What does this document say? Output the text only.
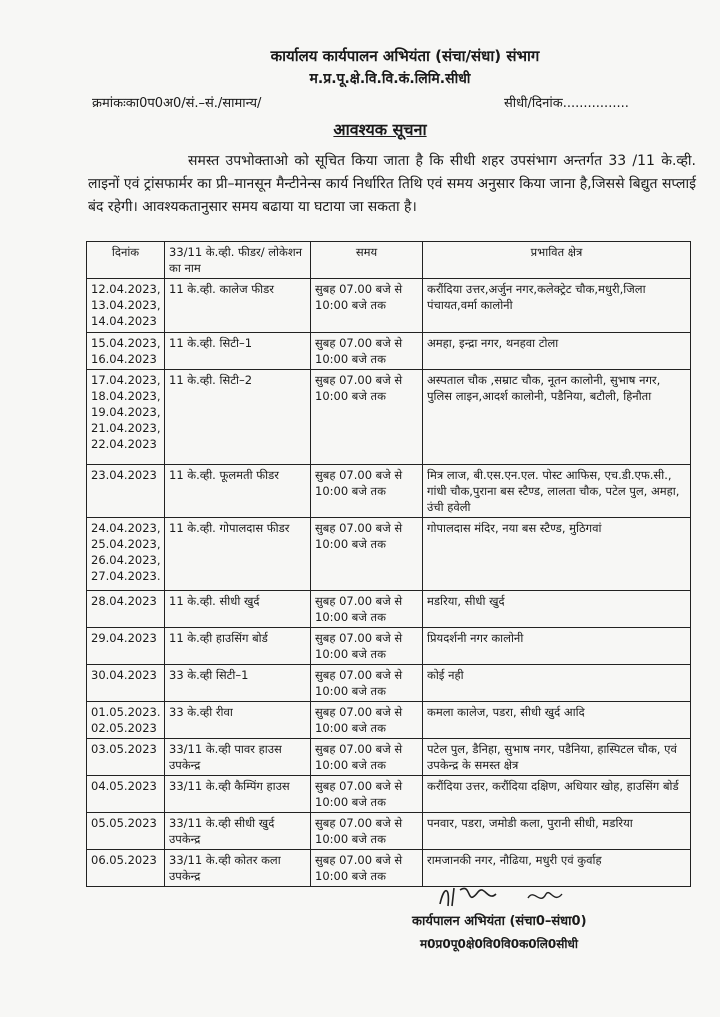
कार्यालय कार्यपालन अभियंता (संचा/संधा) संभाग
म.प्र.पू.क्षे.वि.वि.कं.लिमि.सीधी
क्रमांकःका0प0अ0/सं.–सं./सामान्य/	सीधी/दिनांक................
आवश्यक सूचना
समस्त उपभोक्ताओ को सूचित किया जाता है कि सीधी शहर उपसंभाग अन्तर्गत 33 /11 के.व्ही. लाइनों एवं ट्रांसफार्मर का प्री–मानसून मैन्टीनेन्स कार्य निर्धारित तिथि एवं समय अनुसार किया जाना है,जिससे बिद्युत सप्लाई बंद रहेगी। आवश्यकतानुसार समय बढाया या घटाया जा सकता है।
दिनांक	33/11 के.व्ही. फीडर/ लोकेशन का नाम	समय	प्रभावित क्षेत्र
12.04.2023, 13.04.2023, 14.04.2023	11 के.व्ही. कालेज फीडर	सुबह 07.00 बजे से 10:00 बजे तक	करौंदिया उत्तर,अर्जुन नगर,कलेक्ट्रेट चौक,मधुरी,जिला पंचायत,वर्मा कालोनी
15.04.2023, 16.04.2023	11 के.व्ही. सिटी–1	सुबह 07.00 बजे से 10:00 बजे तक	अमहा, इन्द्रा नगर, थनहवा टोला
17.04.2023, 18.04.2023, 19.04.2023, 21.04.2023, 22.04.2023	11 के.व्ही. सिटी–2	सुबह 07.00 बजे से 10:00 बजे तक	अस्पताल चौक ,सम्राट चौक, नूतन कालोनी, सुभाष नगर, पुलिस लाइन,आदर्श कालोनी, पडैनिया, बटौली, हिनौता
23.04.2023	11 के.व्ही. फूलमती फीडर	सुबह 07.00 बजे से 10:00 बजे तक	मित्र लाज, बी.एस.एन.एल. पोस्ट आफिस, एच.डी.एफ.सी., गांधी चौक,पुराना बस स्टैण्ड, लालता चौक, पटेल पुल, अमहा, उंची हवेली
24.04.2023, 25.04.2023, 26.04.2023, 27.04.2023.	11 के.व्ही. गोपालदास फीडर	सुबह 07.00 बजे से 10:00 बजे तक	गोपालदास मंदिर, नया बस स्टैण्ड, मुठिगवां
28.04.2023	11 के.व्ही. सीधी खुर्द	सुबह 07.00 बजे से 10:00 बजे तक	मडरिया, सीधी खुर्द
29.04.2023	11 के.व्ही हाउसिंग बोर्ड	सुबह 07.00 बजे से 10:00 बजे तक	प्रियदर्शनी नगर कालोनी
30.04.2023	33 के.व्ही सिटी–1	सुबह 07.00 बजे से 10:00 बजे तक	कोई नही
01.05.2023. 02.05.2023	33 के.व्ही रीवा	सुबह 07.00 बजे से 10:00 बजे तक	कमला कालेज, पडरा, सीधी खुर्द आदि
03.05.2023	33/11 के.व्ही पावर हाउस उपकेन्द्र	सुबह 07.00 बजे से 10:00 बजे तक	पटेल पुल, डैनिहा, सुभाष नगर, पडैनिया, हास्पिटल चौक, एवं उपकेन्द्र के समस्त क्षेत्र
04.05.2023	33/11 के.व्ही कैम्पिंग हाउस	सुबह 07.00 बजे से 10:00 बजे तक	करौंदिया उत्तर, करौंदिया दक्षिण, अधियार खोह, हाउसिंग बोर्ड
05.05.2023	33/11 के.व्ही सीधी खुर्द उपकेन्द्र	सुबह 07.00 बजे से 10:00 बजे तक	पनवार, पडरा, जमोडी कला, पुरानी सीधी, मडरिया
06.05.2023	33/11 के.व्ही कोतर कला उपकेन्द्र	सुबह 07.00 बजे से 10:00 बजे तक	रामजानकी नगर, नौढिया, मधुरी एवं कुर्वाह
कार्यपालन अभियंता (संचा0–संधा0)
म0प्र0पू0क्षे0वि0वि0क0लि0सीधी
